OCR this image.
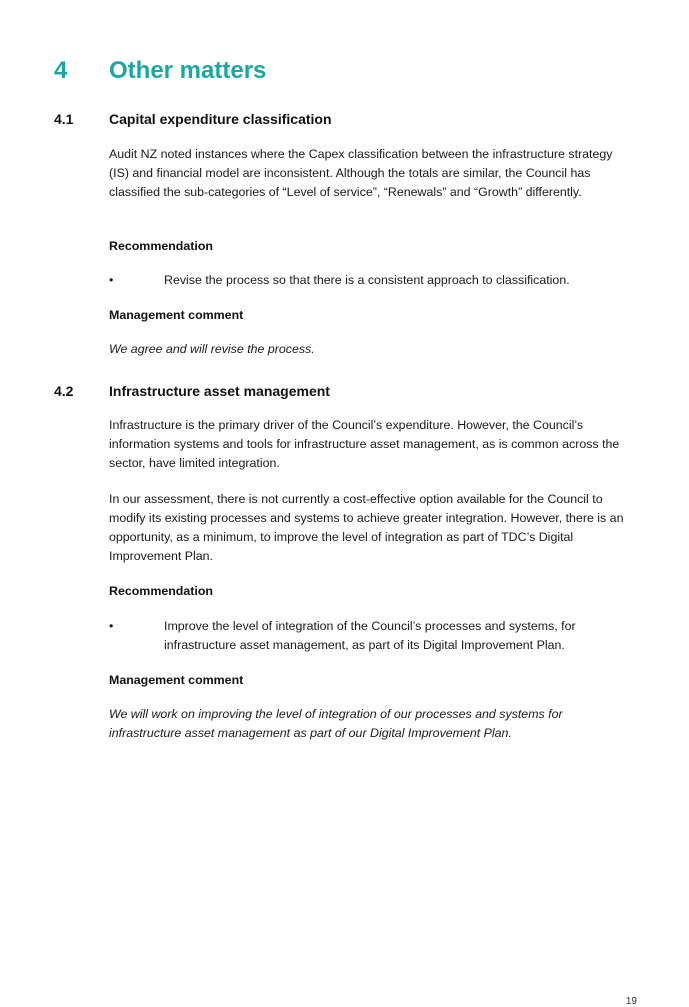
4 Other matters
4.1	Capital expenditure classification

Audit NZ noted instances where the Capex classification between the infrastructure strategy (IS) and financial model are inconsistent. Although the totals are similar, the Council has classified the sub-categories of “Level of service”, “Renewals” and “Growth” differently.

Recommendation
•	Revise the process so that there is a consistent approach to classification.
Management comment
We agree and will revise the process.
4.2	Infrastructure asset management

Infrastructure is the primary driver of the Council’s expenditure. However, the Council’s information systems and tools for infrastructure asset management, as is common across the sector, have limited integration.

In our assessment, there is not currently a cost-effective option available for the Council to modify its existing processes and systems to achieve greater integration. However, there is an opportunity, as a minimum, to improve the level of integration as part of TDC’s Digital Improvement Plan.

Recommendation
•	Improve the level of integration of the Council’s processes and systems, for infrastructure asset management, as part of its Digital Improvement Plan.
Management comment
We will work on improving the level of integration of our processes and systems for infrastructure asset management as part of our Digital Improvement Plan.
19
